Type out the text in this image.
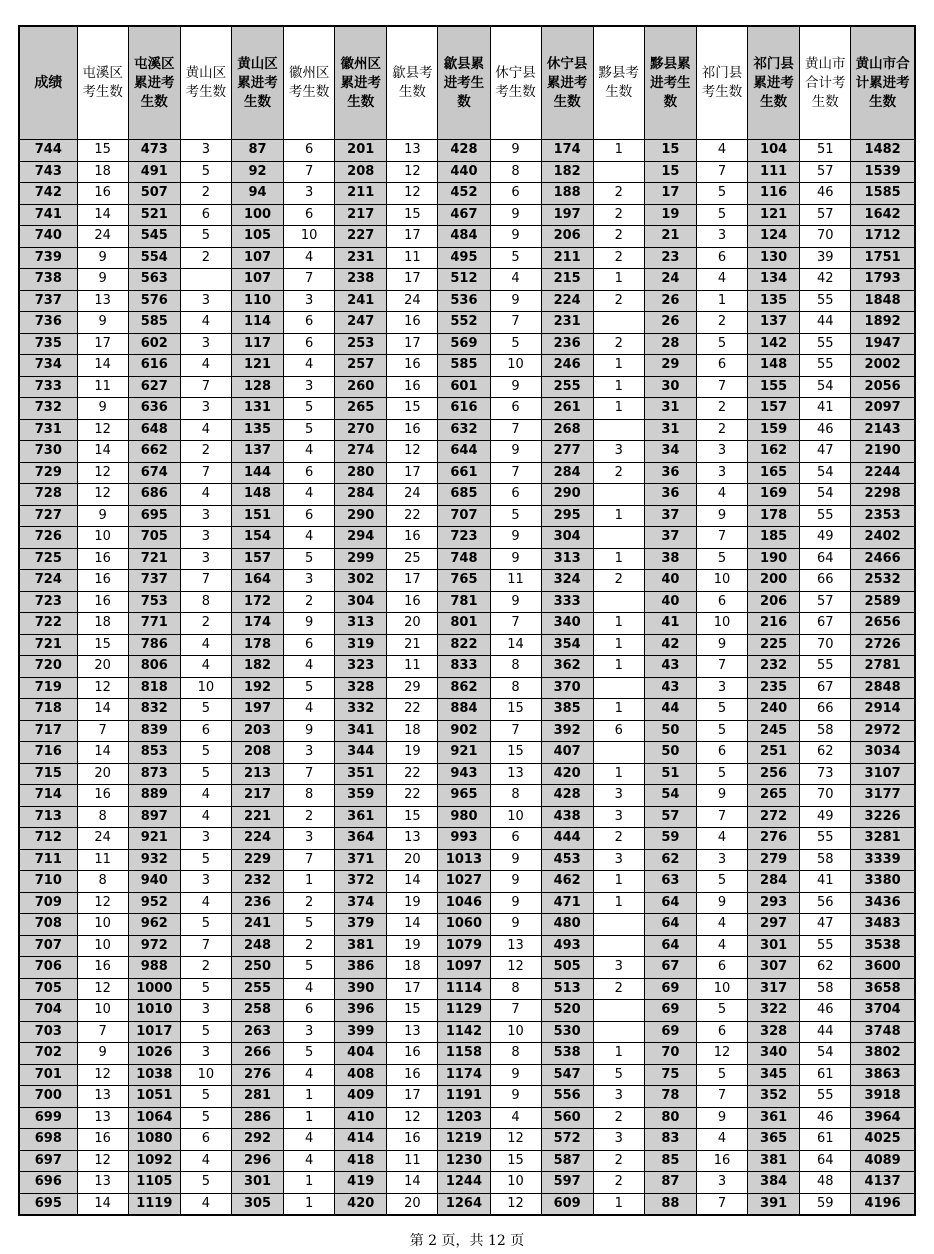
成绩	屯溪区考生数	屯溪区累进考生数	黄山区考生数	黄山区累进考生数	徽州区考生数	徽州区累进考生数	歙县考生数	歙县累进考生数	休宁县考生数	休宁县累进考生数	黟县考生数	黟县累进考生数	祁门县考生数	祁门县累进考生数	黄山市合计考生数	黄山市合计累进考生数
744	15	473	3	87	6	201	13	428	9	174	1	15	4	104	51	1482
743	18	491	5	92	7	208	12	440	8	182		15	7	111	57	1539
742	16	507	2	94	3	211	12	452	6	188	2	17	5	116	46	1585
741	14	521	6	100	6	217	15	467	9	197	2	19	5	121	57	1642
740	24	545	5	105	10	227	17	484	9	206	2	21	3	124	70	1712
739	9	554	2	107	4	231	11	495	5	211	2	23	6	130	39	1751
738	9	563		107	7	238	17	512	4	215	1	24	4	134	42	1793
737	13	576	3	110	3	241	24	536	9	224	2	26	1	135	55	1848
736	9	585	4	114	6	247	16	552	7	231		26	2	137	44	1892
735	17	602	3	117	6	253	17	569	5	236	2	28	5	142	55	1947
734	14	616	4	121	4	257	16	585	10	246	1	29	6	148	55	2002
733	11	627	7	128	3	260	16	601	9	255	1	30	7	155	54	2056
732	9	636	3	131	5	265	15	616	6	261	1	31	2	157	41	2097
731	12	648	4	135	5	270	16	632	7	268		31	2	159	46	2143
730	14	662	2	137	4	274	12	644	9	277	3	34	3	162	47	2190
729	12	674	7	144	6	280	17	661	7	284	2	36	3	165	54	2244
728	12	686	4	148	4	284	24	685	6	290		36	4	169	54	2298
727	9	695	3	151	6	290	22	707	5	295	1	37	9	178	55	2353
726	10	705	3	154	4	294	16	723	9	304		37	7	185	49	2402
725	16	721	3	157	5	299	25	748	9	313	1	38	5	190	64	2466
724	16	737	7	164	3	302	17	765	11	324	2	40	10	200	66	2532
723	16	753	8	172	2	304	16	781	9	333		40	6	206	57	2589
722	18	771	2	174	9	313	20	801	7	340	1	41	10	216	67	2656
721	15	786	4	178	6	319	21	822	14	354	1	42	9	225	70	2726
720	20	806	4	182	4	323	11	833	8	362	1	43	7	232	55	2781
719	12	818	10	192	5	328	29	862	8	370		43	3	235	67	2848
718	14	832	5	197	4	332	22	884	15	385	1	44	5	240	66	2914
717	7	839	6	203	9	341	18	902	7	392	6	50	5	245	58	2972
716	14	853	5	208	3	344	19	921	15	407		50	6	251	62	3034
715	20	873	5	213	7	351	22	943	13	420	1	51	5	256	73	3107
714	16	889	4	217	8	359	22	965	8	428	3	54	9	265	70	3177
713	8	897	4	221	2	361	15	980	10	438	3	57	7	272	49	3226
712	24	921	3	224	3	364	13	993	6	444	2	59	4	276	55	3281
711	11	932	5	229	7	371	20	1013	9	453	3	62	3	279	58	3339
710	8	940	3	232	1	372	14	1027	9	462	1	63	5	284	41	3380
709	12	952	4	236	2	374	19	1046	9	471	1	64	9	293	56	3436
708	10	962	5	241	5	379	14	1060	9	480		64	4	297	47	3483
707	10	972	7	248	2	381	19	1079	13	493		64	4	301	55	3538
706	16	988	2	250	5	386	18	1097	12	505	3	67	6	307	62	3600
705	12	1000	5	255	4	390	17	1114	8	513	2	69	10	317	58	3658
704	10	1010	3	258	6	396	15	1129	7	520		69	5	322	46	3704
703	7	1017	5	263	3	399	13	1142	10	530		69	6	328	44	3748
702	9	1026	3	266	5	404	16	1158	8	538	1	70	12	340	54	3802
701	12	1038	10	276	4	408	16	1174	9	547	5	75	5	345	61	3863
700	13	1051	5	281	1	409	17	1191	9	556	3	78	7	352	55	3918
699	13	1064	5	286	1	410	12	1203	4	560	2	80	9	361	46	3964
698	16	1080	6	292	4	414	16	1219	12	572	3	83	4	365	61	4025
697	12	1092	4	296	4	418	11	1230	15	587	2	85	16	381	64	4089
696	13	1105	5	301	1	419	14	1244	10	597	2	87	3	384	48	4137
695	14	1119	4	305	1	420	20	1264	12	609	1	88	7	391	59	4196
第 2 页，共 12 页
